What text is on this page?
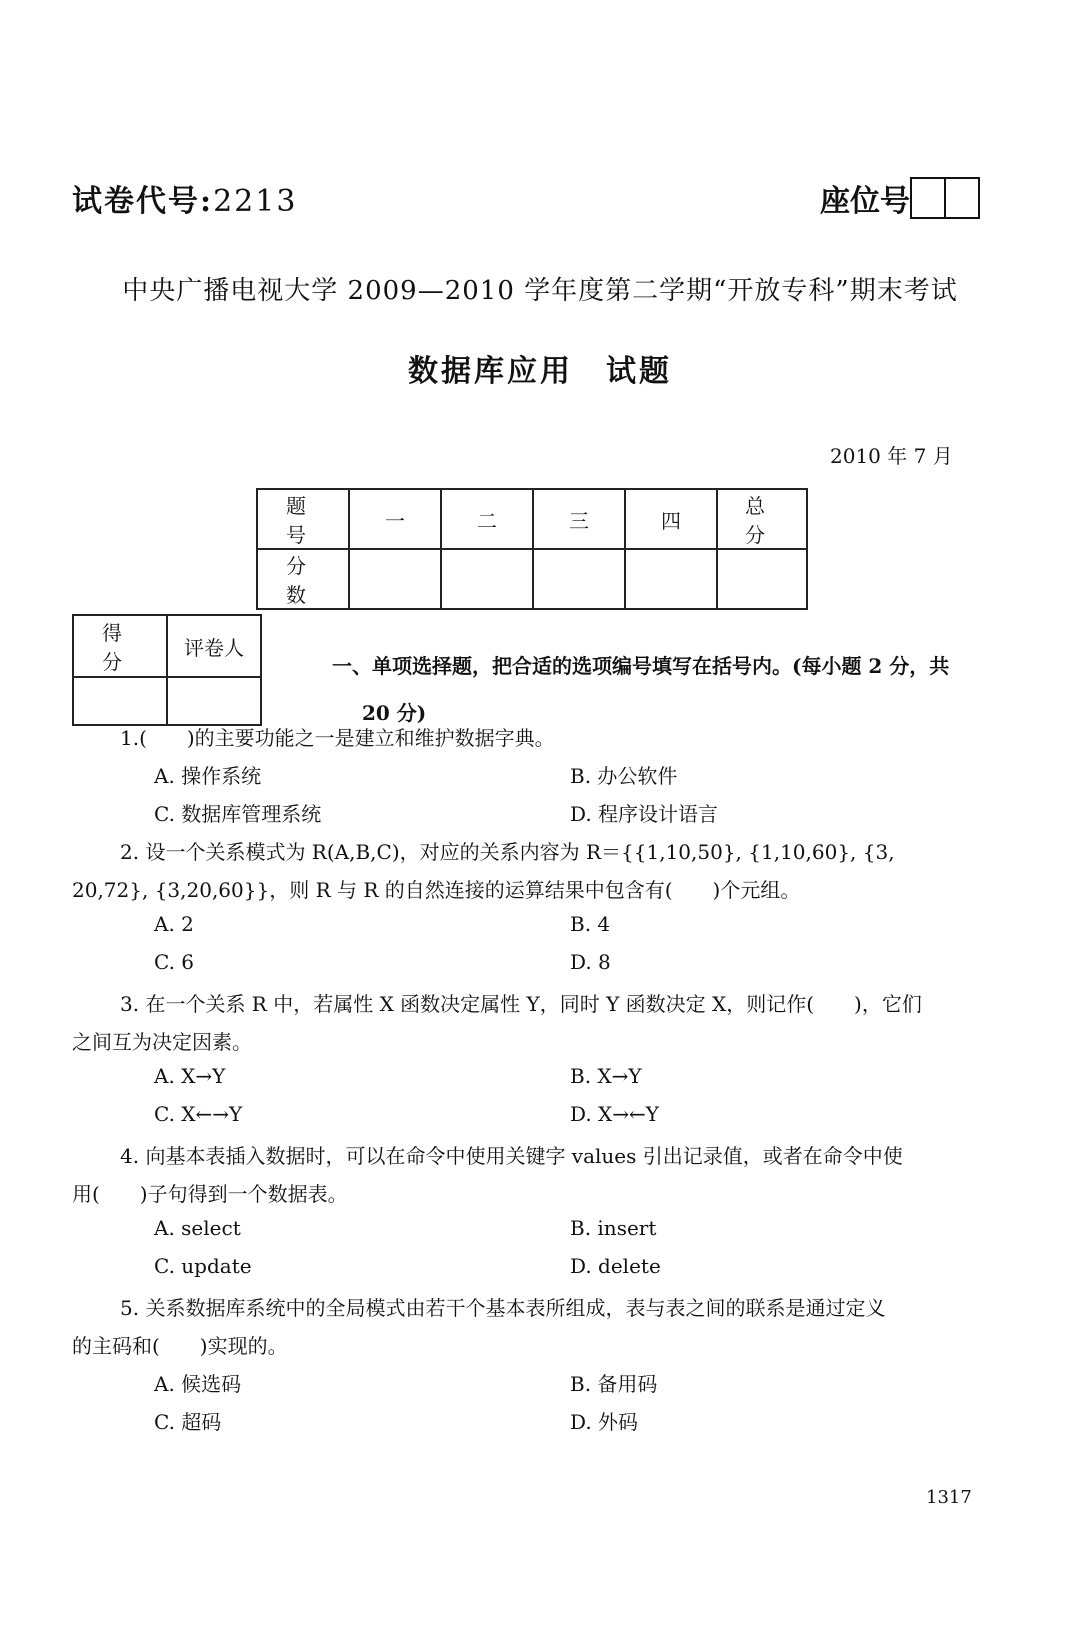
试卷代号:2213	座位号
中央广播电视大学 2009—2010 学年度第二学期“开放专科”期末考试
数据库应用　试题
2010 年 7 月
题　号	一	二	三	四	总　分
分　数					
得　分	评卷人

一、单项选择题，把合适的选项编号填写在括号内。(每小题 2 分，共
20 分)
1.(　　)的主要功能之一是建立和维护数据字典。
A. 操作系统	B. 办公软件
C. 数据库管理系统	D. 程序设计语言
2. 设一个关系模式为 R(A,B,C)，对应的关系内容为 R＝{{1,10,50}, {1,10,60}, {3,
20,72}, {3,20,60}}，则 R 与 R 的自然连接的运算结果中包含有(　　)个元组。
A. 2	B. 4
C. 6	D. 8
3. 在一个关系 R 中，若属性 X 函数决定属性 Y，同时 Y 函数决定 X，则记作(　　)，它们
之间互为决定因素。
A. X→Y	B. X→Y
C. X←→Y	D. X→←Y
4. 向基本表插入数据时，可以在命令中使用关键字 values 引出记录值，或者在命令中使
用(　　)子句得到一个数据表。
A. select	B. insert
C. update	D. delete
5. 关系数据库系统中的全局模式由若干个基本表所组成，表与表之间的联系是通过定义
的主码和(　　)实现的。
A. 候选码	B. 备用码
C. 超码	D. 外码
1317
